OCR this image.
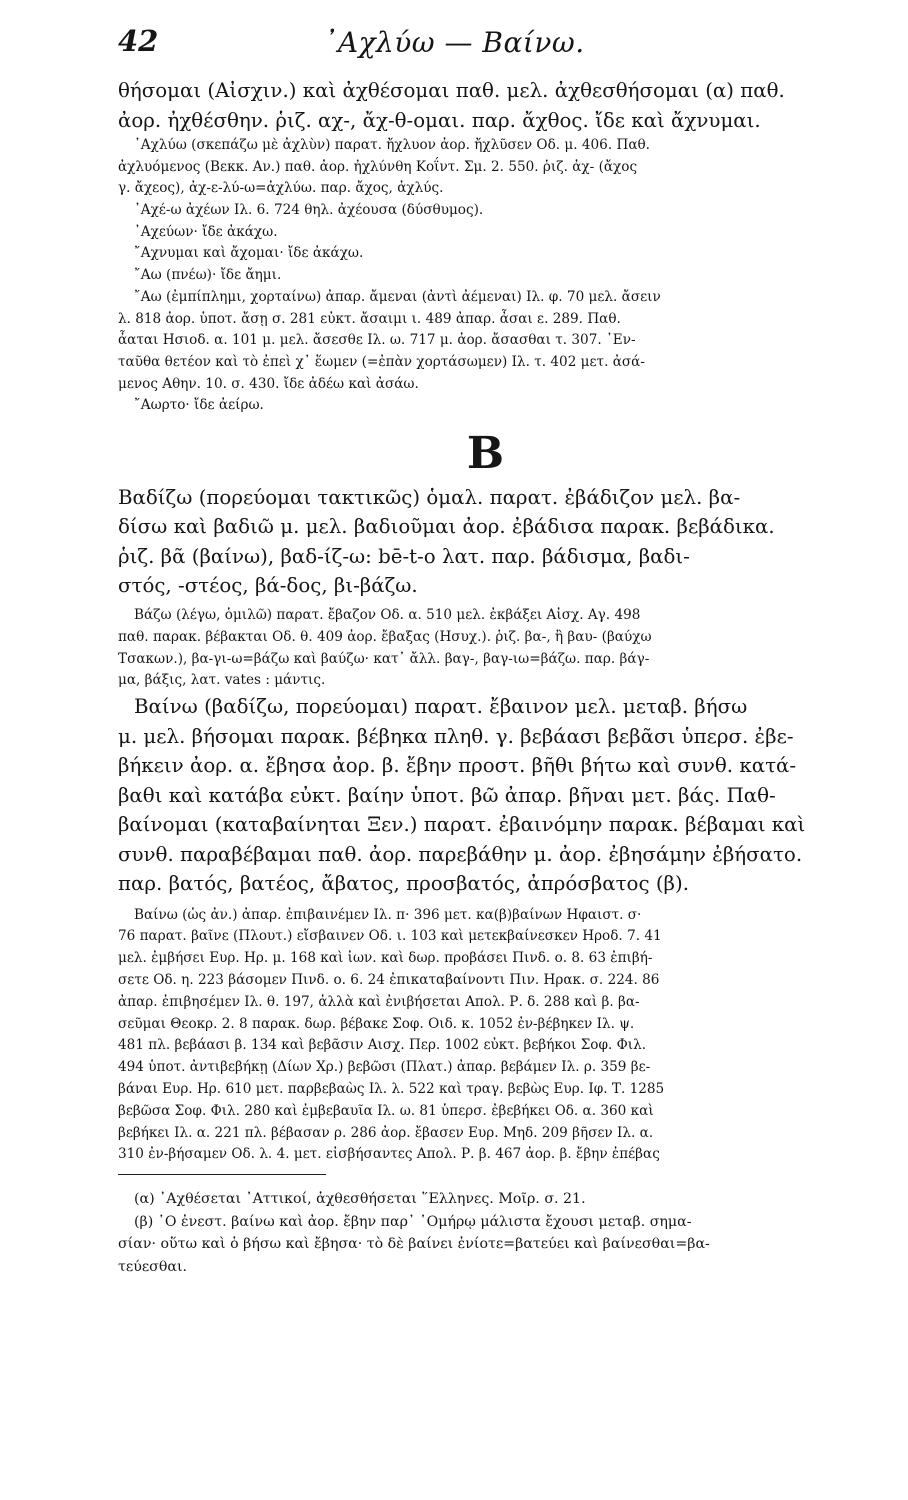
42	᾿Αχλύω — Βαίνω.
θήσομαι (Αἰσχιν.) καὶ ἀχθέσομαι παθ. μελ. ἀχθεσθήσομαι (α) παθ.
ἀορ. ἠχθέσθην. ῥιζ. αχ-, ἄχ-θ-ομαι. παρ. ἄχθος. ἴδε καὶ ἄχνυμαι.
᾿Αχλύω (σκεπάζω μὲ ἀχλὺν) παρατ. ἤχλυον ἀορ. ἤχλῦσεν Οδ. μ. 406. Παθ.
ἀχλυόμενος (Βεκκ. Αν.) παθ. ἀορ. ἠχλύνθη Κοΐντ. Σμ. 2. 550. ῥιζ. ἀχ- (ἄχος
γ. ἄχεος), ἀχ-ε-λύ-ω=ἀχλύω. παρ. ἄχος, ἀχλύς.
᾿Αχέ-ω ἀχέων Ιλ. 6. 724 θηλ. ἀχέουσα (δύσθυμος).
᾿Αχεύων· ἴδε ἀκάχω.
῎Αχνυμαι καὶ ἄχομαι· ἴδε ἀκάχω.
῎Αω (πνέω)· ἴδε ἄημι.
῎Αω (ἐμπίπλημι, χορταίνω) ἀπαρ. ἄμεναι (ἀντὶ ἀέμεναι) Ιλ. φ. 70 μελ. ἄσειν
λ. 818 ἀορ. ὑποτ. ἄσῃ σ. 281 εὐκτ. ἄσαιμι ι. 489 ἀπαρ. ἆσαι ε. 289. Παθ.
ἆαται Ησιοδ. α. 101 μ. μελ. ἄσεσθε Ιλ. ω. 717 μ. ἀορ. ἄσασθαι τ. 307. ᾿Εν-
ταῦθα θετέον καὶ τὸ ἐπεὶ χ᾿ ἕωμεν (=ἐπὰν χορτάσωμεν) Ιλ. τ. 402 μετ. ἀσά-
μενος Αθην. 10. σ. 430. ἴδε ἀδέω καὶ ἀσάω.
῎Αωρτο· ἴδε ἀείρω.
B
Βαδίζω (πορεύομαι τακτικῶς) ὁμαλ. παρατ. ἐβάδιζον μελ. βα-
δίσω καὶ βαδιῶ μ. μελ. βαδιοῦμαι ἀορ. ἐβάδισα παρακ. βεβάδικα.
ῥιζ. βᾶ (βαίνω), βαδ-ίζ-ω: bē-t-o λατ. παρ. βάδισμα, βαδι-
στός, -στέος, βά-δος, βι-βάζω.
Βάζω (λέγω, ὁμιλῶ) παρατ. ἔβαζον Οδ. α. 510 μελ. ἐκβάξει Αἰσχ. Αγ. 498
παθ. παρακ. βέβακται Οδ. θ. 409 ἀορ. ἔβαξας (Ησυχ.). ῥιζ. βα-, ἢ βαυ- (βαύχω
Τσακων.), βα-γι-ω=βάζω καὶ βαύζω· κατ᾿ ἄλλ. βαγ-, βαγ-ιω=βάζω. παρ. βάγ-
μα, βάξις, λατ. vates : μάντις.
Βαίνω (βαδίζω, πορεύομαι) παρατ. ἔβαινον μελ. μεταβ. βήσω
μ. μελ. βήσομαι παρακ. βέβηκα πληθ. γ. βεβάασι βεβᾶσι ὑπερσ. ἐβε-
βήκειν ἀορ. α. ἔβησα ἀορ. β. ἔβην προστ. βῆθι βήτω καὶ συνθ. κατά-
βαθι καὶ κατάβα εὐκτ. βαίην ὑποτ. βῶ ἀπαρ. βῆναι μετ. βάς. Παθ-
βαίνομαι (καταβαίνηται Ξεν.) παρατ. ἐβαινόμην παρακ. βέβαμαι καὶ
συνθ. παραβέβαμαι παθ. ἀορ. παρεβάθην μ. ἀορ. ἐβησάμην ἐβήσατο.
παρ. βατός, βατέος, ἄβατος, προσβατός, ἀπρόσβατος (β).
Βαίνω (ὡς ἀν.) ἀπαρ. ἐπιβαινέμεν Ιλ. π· 396 μετ. κα(β)βαίνων Ηφαιστ. σ·
76 παρατ. βαῖνε (Πλουτ.) εἴσβαινεν Οδ. ι. 103 καὶ μετεκβαίνεσκεν Ηροδ. 7. 41
μελ. ἐμβήσει Ευρ. Ηρ. μ. 168 καὶ ἰων. καὶ δωρ. προβάσει Πινδ. ο. 8. 63 ἐπιβή-
σετε Οδ. η. 223 βάσομεν Πινδ. ο. 6. 24 ἐπικαταβαίνοντι Πιν. Ηρακ. σ. 224. 86
ἀπαρ. ἐπιβησέμεν Ιλ. θ. 197, ἀλλὰ καὶ ἐνιβήσεται Απολ. Ρ. δ. 288 καὶ β. βα-
σεῦμαι Θεοκρ. 2. 8 παρακ. δωρ. βέβακε Σοφ. Οιδ. κ. 1052 ἐν-βέβηκεν Ιλ. ψ.
481 πλ. βεβάασι β. 134 καὶ βεβᾶσιν Αισχ. Περ. 1002 εὐκτ. βεβήκοι Σοφ. Φιλ.
494 ὑποτ. ἀντιβεβήκῃ (Δίων Χρ.) βεβῶσι (Πλατ.) ἀπαρ. βεβάμεν Ιλ. ρ. 359 βε-
βάναι Ευρ. Ηρ. 610 μετ. παρβεβαὼς Ιλ. λ. 522 καὶ τραγ. βεβὼς Ευρ. Ιφ. Τ. 1285
βεβῶσα Σοφ. Φιλ. 280 καὶ ἐμβεβαυῖα Ιλ. ω. 81 ὑπερσ. ἐβεβήκει Οδ. α. 360 καὶ
βεβήκει Ιλ. α. 221 πλ. βέβασαν ρ. 286 ἀορ. ἔβασεν Ευρ. Μηδ. 209 βῆσεν Ιλ. α.
310 ἐν-βήσαμεν Οδ. λ. 4. μετ. εἰσβήσαντες Απολ. Ρ. β. 467 ἀορ. β. ἔβην ἐπέβας
(α) ᾿Αχθέσεται ᾿Αττικοί, ἀχθεσθήσεται ῞Ελληνες. Μοῖρ. σ. 21.
(β) ῾Ο ἐνεστ. βαίνω καὶ ἀορ. ἔβην παρ᾿ ῾Ομήρῳ μάλιστα ἔχουσι μεταβ. σημα-
σίαν· οὕτω καὶ ὁ βήσω καὶ ἔβησα· τὸ δὲ βαίνει ἐνίοτε=βατεύει καὶ βαίνεσθαι=βα-
τεύεσθαι.
